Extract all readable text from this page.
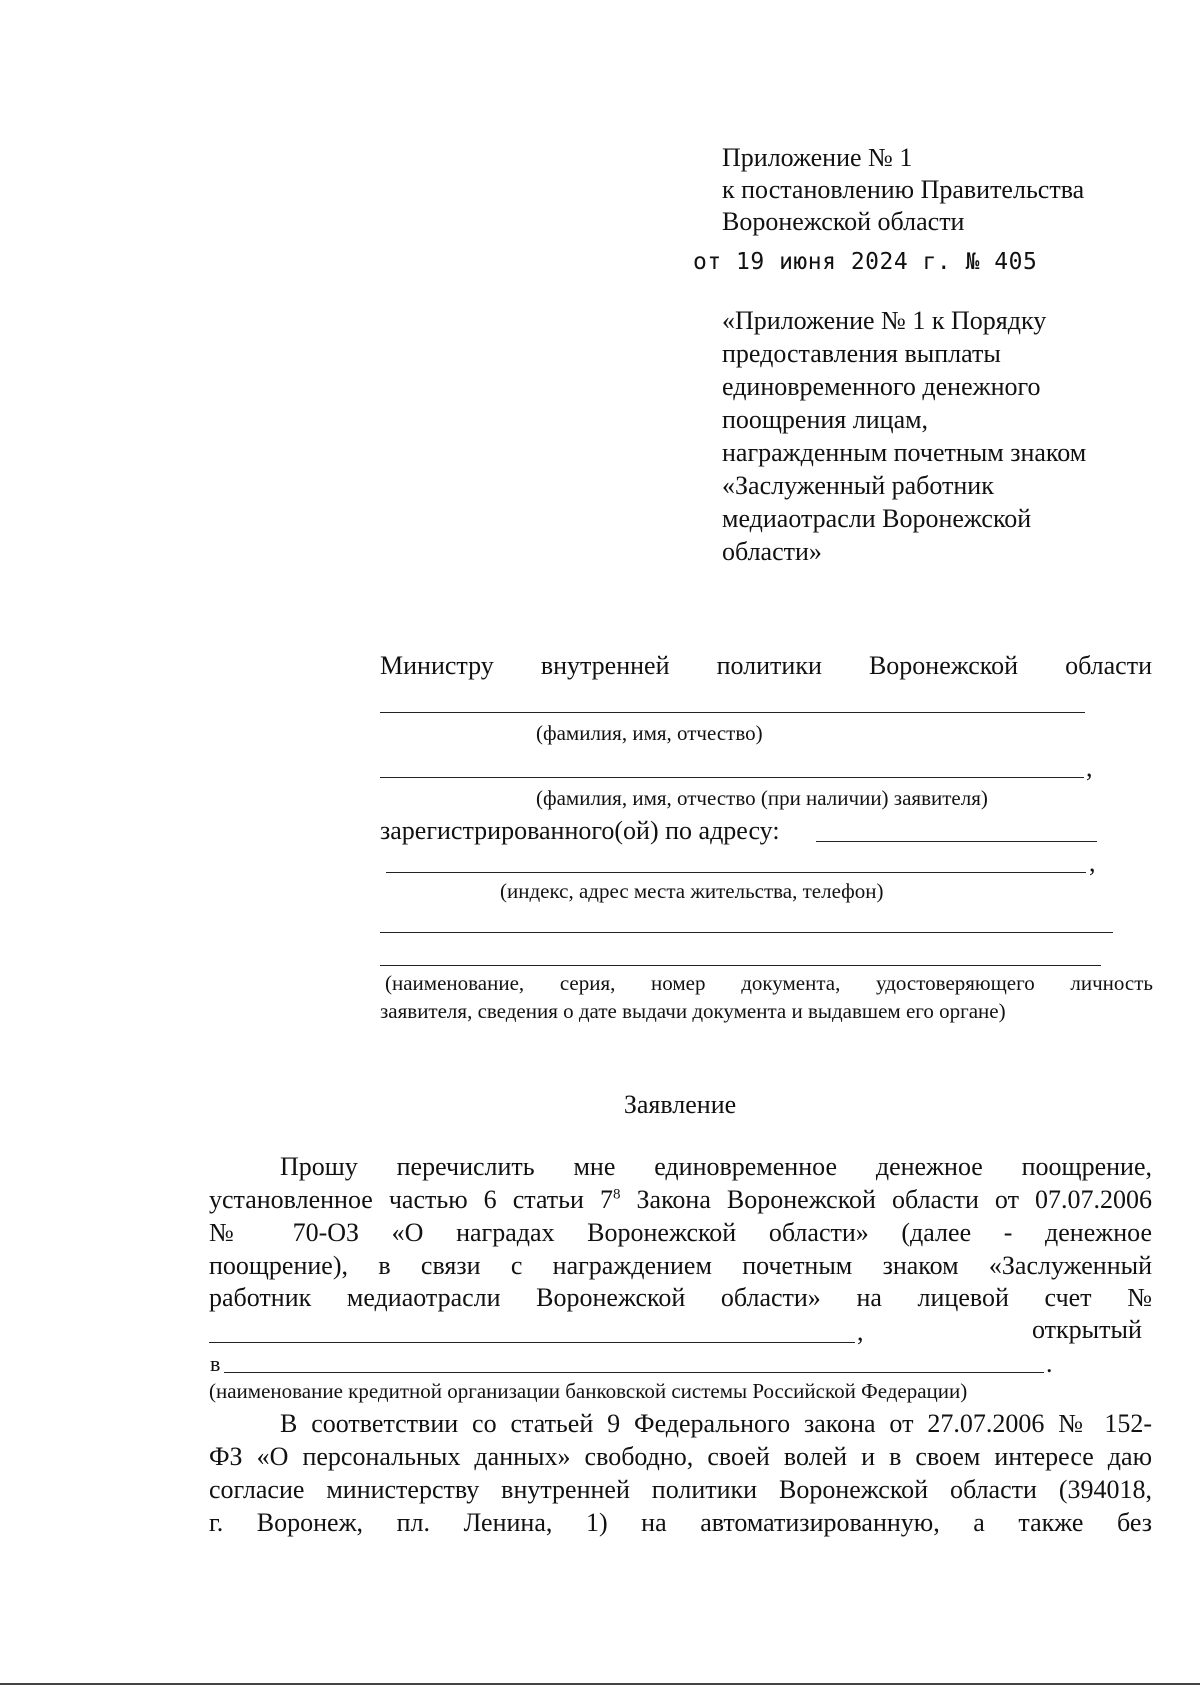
Приложение № 1
к постановлению Правительства
Воронежской области
от 19 июня 2024 г. № 405
«Приложение № 1 к Порядку
предоставления выплаты
единовременного денежного
поощрения лицам,
награжденным почетным знаком
«Заслуженный работник
медиаотрасли Воронежской
области»
Министру внутренней политики Воронежской области
(фамилия, имя, отчество)
,
(фамилия, имя, отчество (при наличии) заявителя)
зарегистрированного(ой) по адресу:
,
(индекс, адрес места жительства, телефон)
(наименование, серия, номер документа, удостоверяющего личность
заявителя, сведения о дате выдачи документа и выдавшем его органе)
Заявление
Прошу перечислить мне единовременное денежное поощрение,
установленное частью 6 статьи $7^8$ Закона Воронежской области от 07.07.2006
№ 70-ОЗ «О наградах Воронежской области» (далее - денежное
поощрение), в связи с награждением почетным знаком «Заслуженный
работник медиаотрасли Воронежской области» на лицевой счет №
,	открытый
в	.
(наименование кредитной организации банковской системы Российской Федерации)
В соответствии со статьей 9 Федерального закона от 27.07.2006 № 152-
ФЗ «О персональных данных» свободно, своей волей и в своем интересе даю
согласие министерству внутренней политики Воронежской области (394018,
г. Воронеж, пл. Ленина, 1) на автоматизированную, а также без
